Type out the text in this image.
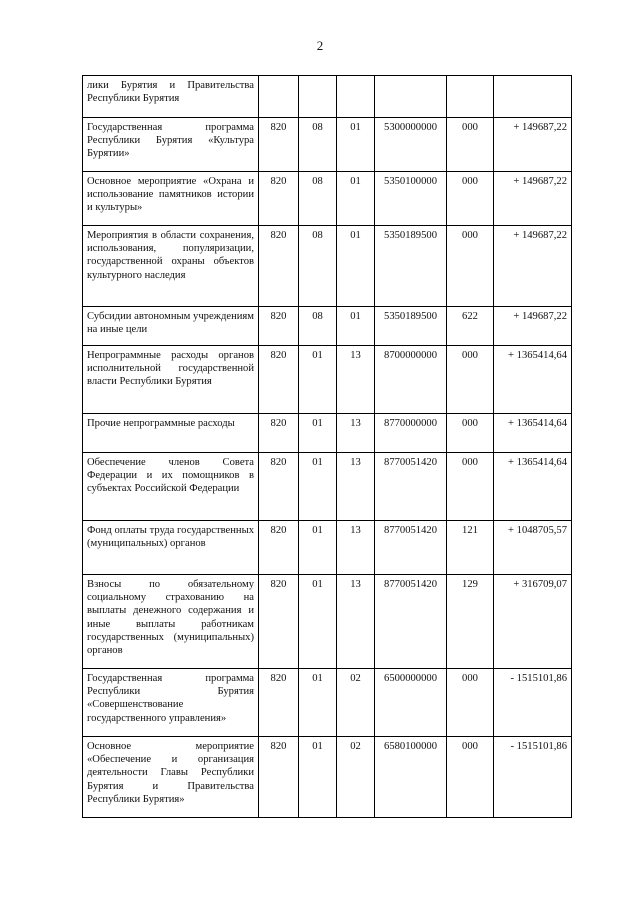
2
лики Бурятия и Правительства Республики Бурятия						
Государственная программа Республики Бурятия «Культура Бурятии»	820	08	01	5300000000	000	+ 149687,22
Основное мероприятие «Охрана и использование памятников истории и культуры»	820	08	01	5350100000	000	+ 149687,22
Мероприятия в области сохранения, использования, популяризации, государственной охраны объектов культурного наследия	820	08	01	5350189500	000	+ 149687,22
Субсидии автономным учреждениям на иные цели	820	08	01	5350189500	622	+ 149687,22
Непрограммные расходы органов исполнительной государственной власти Республики Бурятия	820	01	13	8700000000	000	+ 1365414,64
Прочие непрограммные расходы	820	01	13	8770000000	000	+ 1365414,64
Обеспечение членов Совета Федерации и их помощников в субъектах Российской Федерации	820	01	13	8770051420	000	+ 1365414,64
Фонд оплаты труда государственных (муниципальных) органов	820	01	13	8770051420	121	+ 1048705,57
Взносы по обязательному социальному страхованию на выплаты денежного содержания и иные выплаты работникам государственных (муниципальных) органов	820	01	13	8770051420	129	+ 316709,07
Государственная программа Республики Бурятия «Совершенствование государственного управления»	820	01	02	6500000000	000	- 1515101,86
Основное мероприятие «Обеспечение и организация деятельности Главы Республики Бурятия и Правительства Республики Бурятия»	820	01	02	6580100000	000	- 1515101,86
